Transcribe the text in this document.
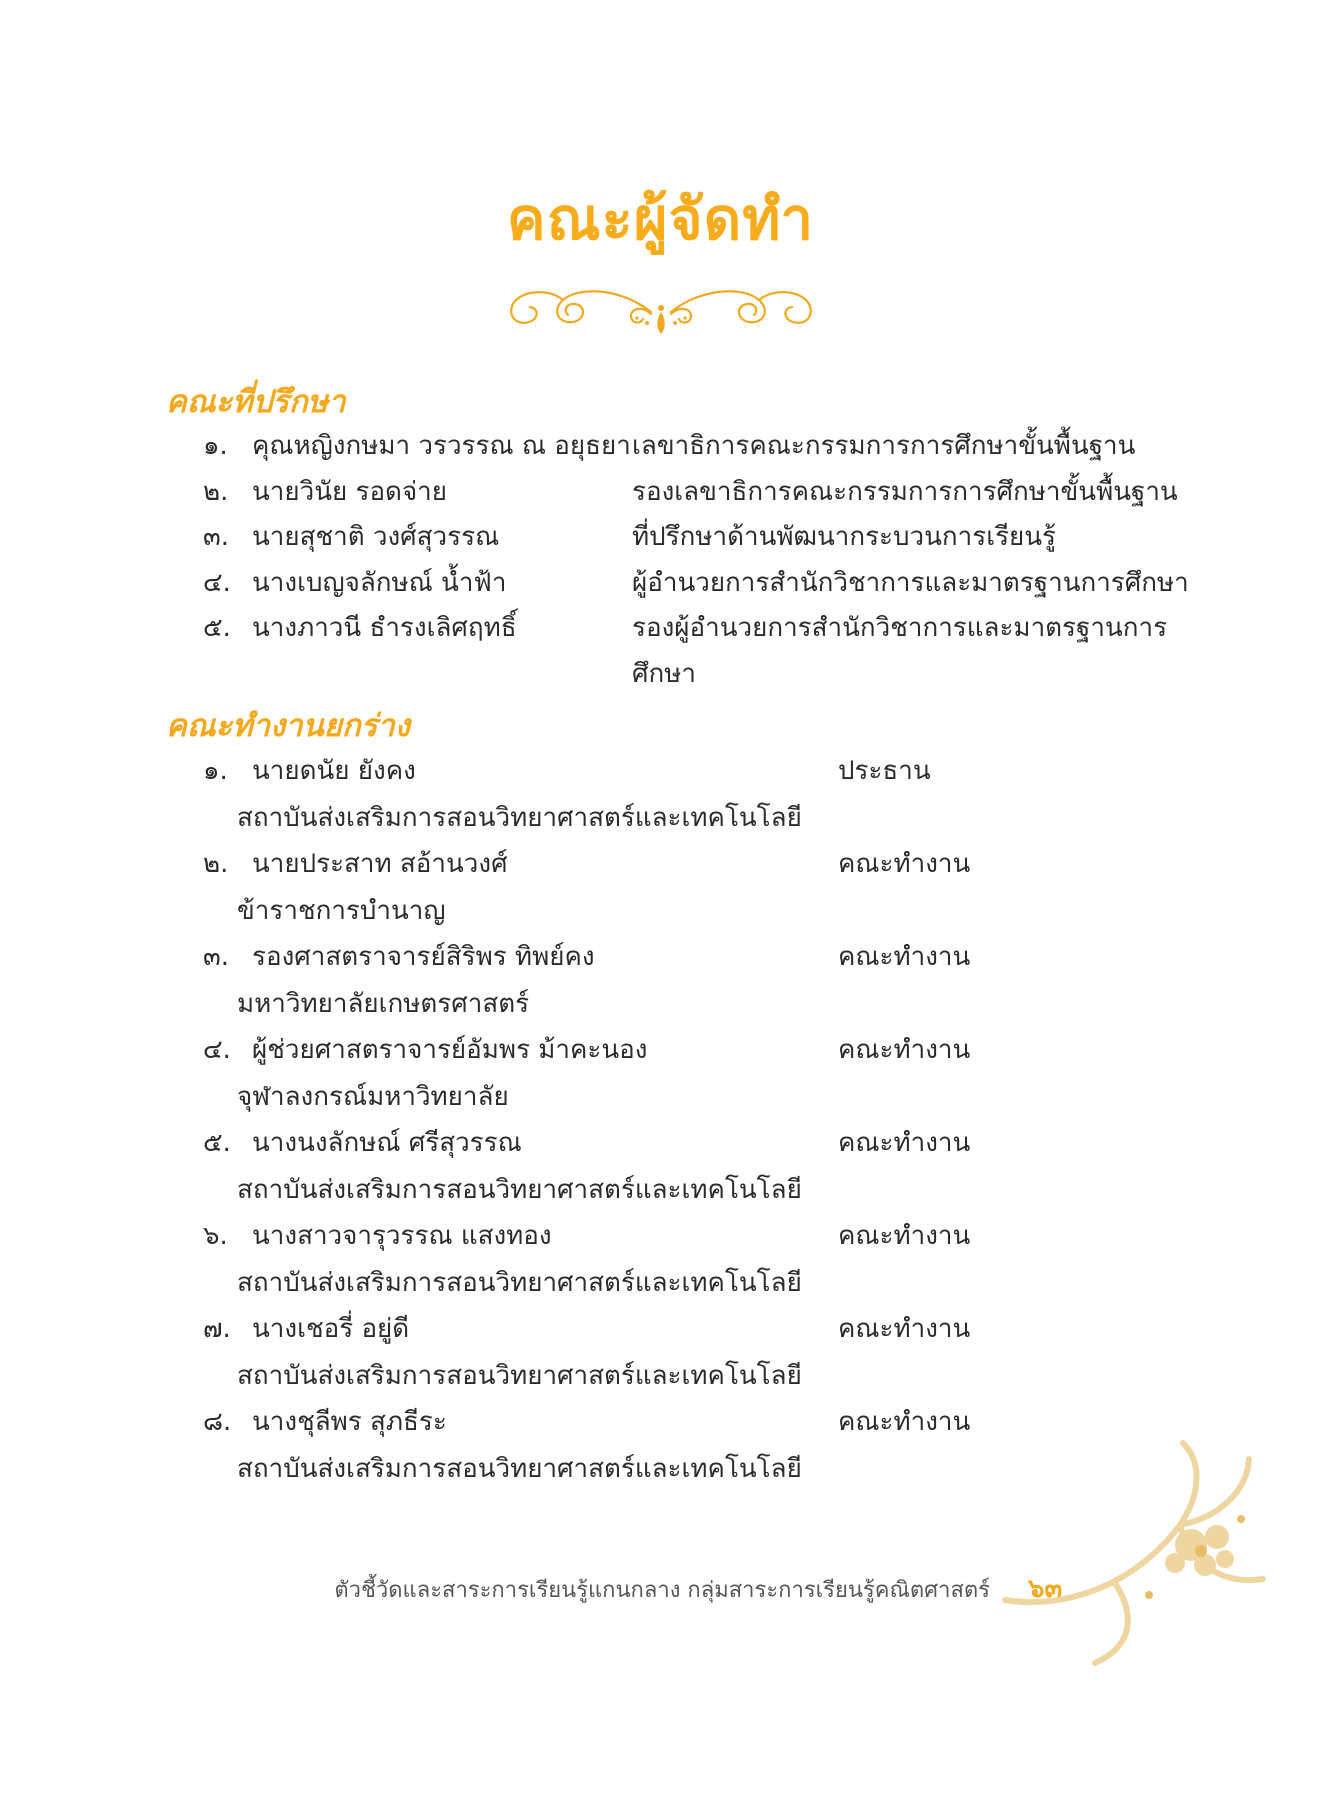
คณะผู้จัดทำ
คณะที่ปรึกษา
๑. คุณหญิงกษมา วรวรรณ ณ อยุธยา เลขาธิการคณะกรรมการการศึกษาขั้นพื้นฐาน
๒. นายวินัย รอดจ่าย	รองเลขาธิการคณะกรรมการการศึกษาขั้นพื้นฐาน
๓. นายสุชาติ วงศ์สุวรรณ	ที่ปรึกษาด้านพัฒนากระบวนการเรียนรู้
๔. นางเบญจลักษณ์ น้ำฟ้า	ผู้อำนวยการสำนักวิชาการและมาตรฐานการศึกษา
๕. นางภาวนี ธำรงเลิศฤทธิ์	รองผู้อำนวยการสำนักวิชาการและมาตรฐานการศึกษา
คณะทำงานยกร่าง
๑. นายดนัย ยังคง	ประธาน
สถาบันส่งเสริมการสอนวิทยาศาสตร์และเทคโนโลยี
๒. นายประสาท สอ้านวงศ์	คณะทำงาน
ข้าราชการบำนาญ
๓. รองศาสตราจารย์สิริพร ทิพย์คง	คณะทำงาน
มหาวิทยาลัยเกษตรศาสตร์
๔. ผู้ช่วยศาสตราจารย์อัมพร ม้าคะนอง	คณะทำงาน
จุฬาลงกรณ์มหาวิทยาลัย
๕. นางนงลักษณ์ ศรีสุวรรณ	คณะทำงาน
สถาบันส่งเสริมการสอนวิทยาศาสตร์และเทคโนโลยี
๖. นางสาวจารุวรรณ แสงทอง	คณะทำงาน
สถาบันส่งเสริมการสอนวิทยาศาสตร์และเทคโนโลยี
๗. นางเชอรี่ อยู่ดี	คณะทำงาน
สถาบันส่งเสริมการสอนวิทยาศาสตร์และเทคโนโลยี
๘. นางชุลีพร สุภธีระ	คณะทำงาน
สถาบันส่งเสริมการสอนวิทยาศาสตร์และเทคโนโลยี
ตัวชี้วัดและสาระการเรียนรู้แกนกลาง กลุ่มสาระการเรียนรู้คณิตศาสตร์ ๖๓
